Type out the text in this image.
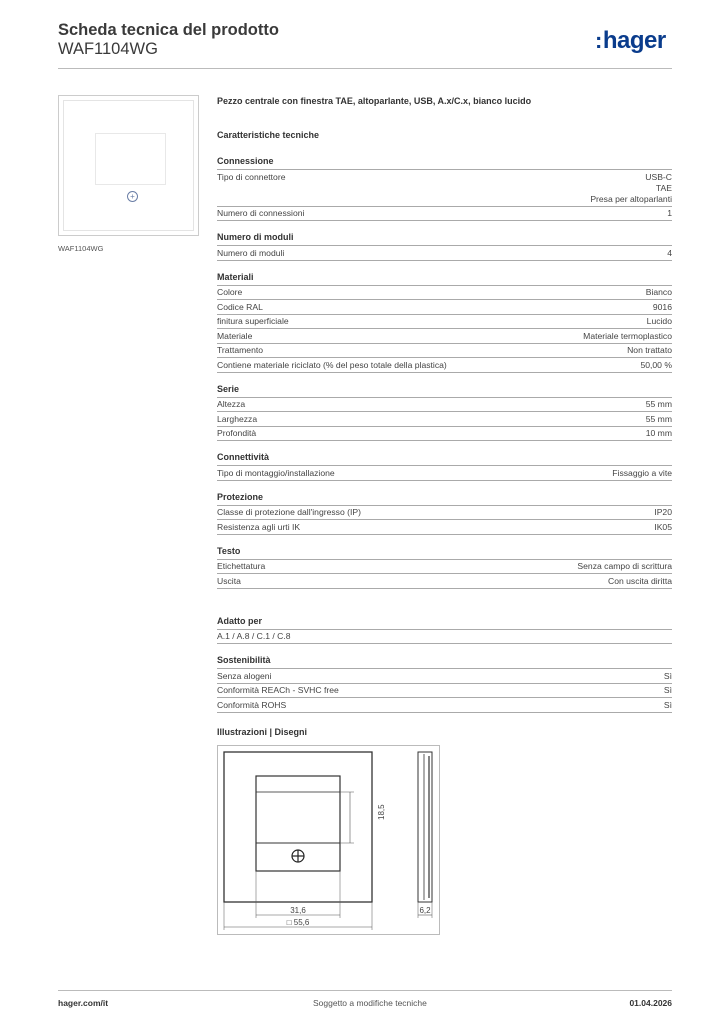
Scheda tecnica del prodotto
WAF1104WG	:hager
+
WAF1104WG
Pezzo centrale con finestra TAE, altoparlante, USB, A.x/C.x, bianco lucido
Caratteristiche tecniche
Connessione
Tipo di connettore	USB-C
TAE
Presa per altoparlanti
Numero di connessioni	1
Numero di moduli
Numero di moduli	4
Materiali
Colore	Bianco
Codice RAL	9016
finitura superficiale	Lucido
Materiale	Materiale termoplastico
Trattamento	Non trattato
Contiene materiale riciclato (% del peso totale della plastica)	50,00 %
Serie
Altezza	55 mm
Larghezza	55 mm
Profondità	10 mm
Connettività
Tipo di montaggio/installazione	Fissaggio a vite
Protezione
Classe di protezione dall'ingresso (IP)	IP20
Resistenza agli urti IK	IK05
Testo
Etichettatura	Senza campo di scrittura
Uscita	Con uscita diritta
Adatto per
A.1 / A.8 / C.1 / C.8
Sostenibilità
Senza alogeni	Sì
Conformità REACh - SVHC free	Sì
Conformità ROHS	Sì
Illustrazioni | Disegni
18,5
31,6
□ 55,6
6,2
hager.com/it	Soggetto a modifiche tecniche	01.04.2026
